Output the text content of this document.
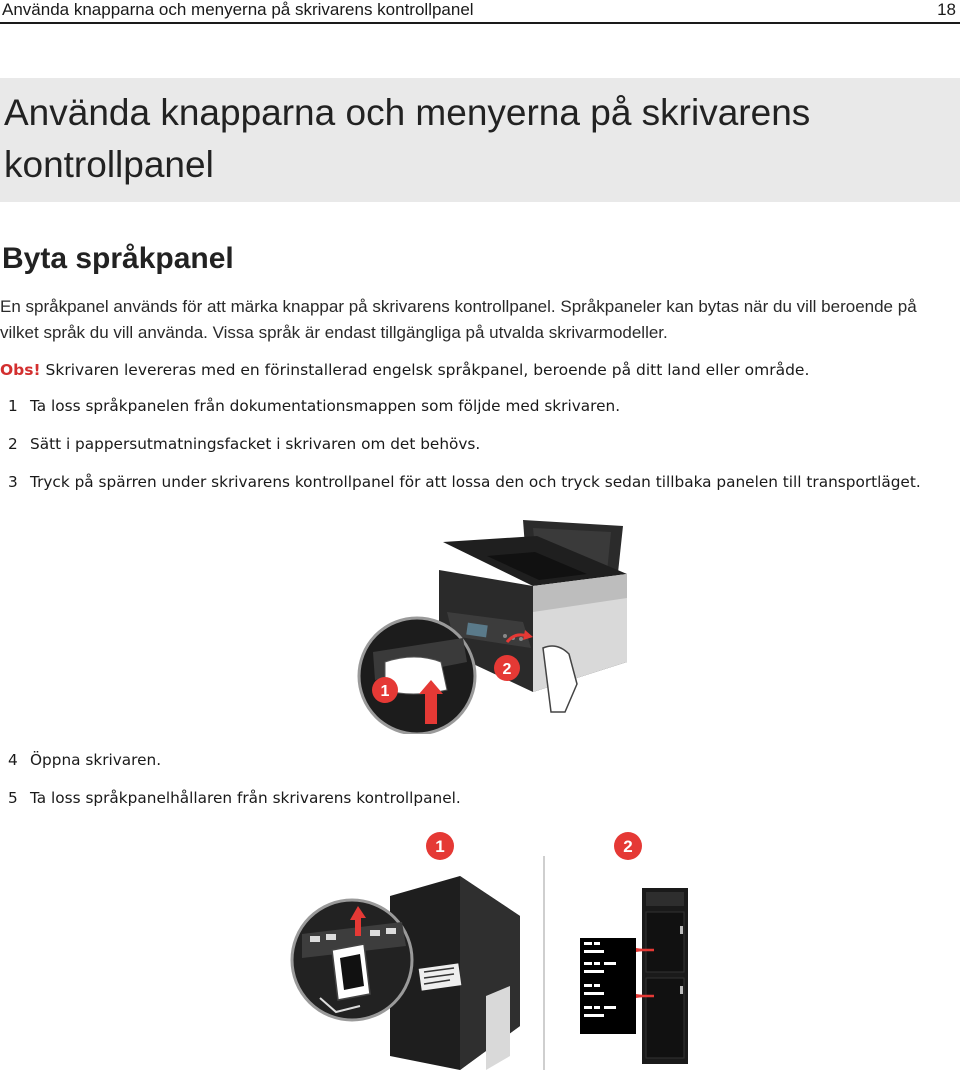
Använda knapparna och menyerna på skrivarens kontrollpanel	18
Använda knapparna och menyerna på skrivarens kontrollpanel
Byta språkpanel

En språkpanel används för att märka knappar på skrivarens kontrollpanel. Språkpaneler kan bytas när du vill beroende på vilket språk du vill använda. Vissa språk är endast tillgängliga på utvalda skrivarmodeller.

Obs! Skrivaren levereras med en förinstallerad engelsk språkpanel, beroende på ditt land eller område.

1 Ta loss språkpanelen från dokumentationsmappen som följde med skrivaren.

2 Sätt i pappersutmatningsfacket i skrivaren om det behövs.

3 Tryck på spärren under skrivarens kontrollpanel för att lossa den och tryck sedan tillbaka panelen till transportläget.

1
2

4 Öppna skrivaren.

5 Ta loss språkpanelhållaren från skrivarens kontrollpanel.

1	2
